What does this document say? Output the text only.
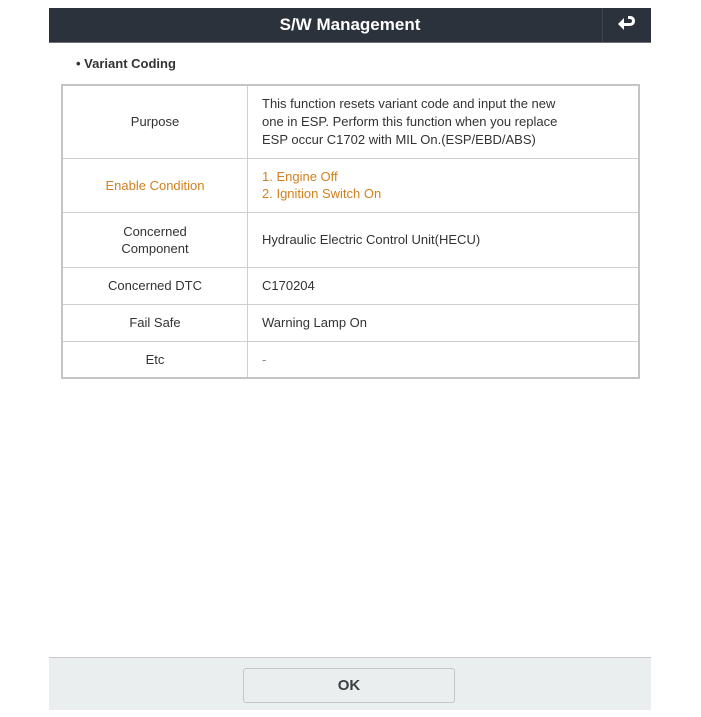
S/W Management
• Variant Coding
Purpose	This function resets variant code and input the new
one in ESP. Perform this function when you replace
ESP occur C1702 with MIL On.(ESP/EBD/ABS)

Enable Condition	1. Engine Off
2. Ignition Switch On

Concerned
Component	Hydraulic Electric Control Unit(HECU)
Concerned DTC	C170204
Fail Safe	Warning Lamp On
Etc	-
OK
